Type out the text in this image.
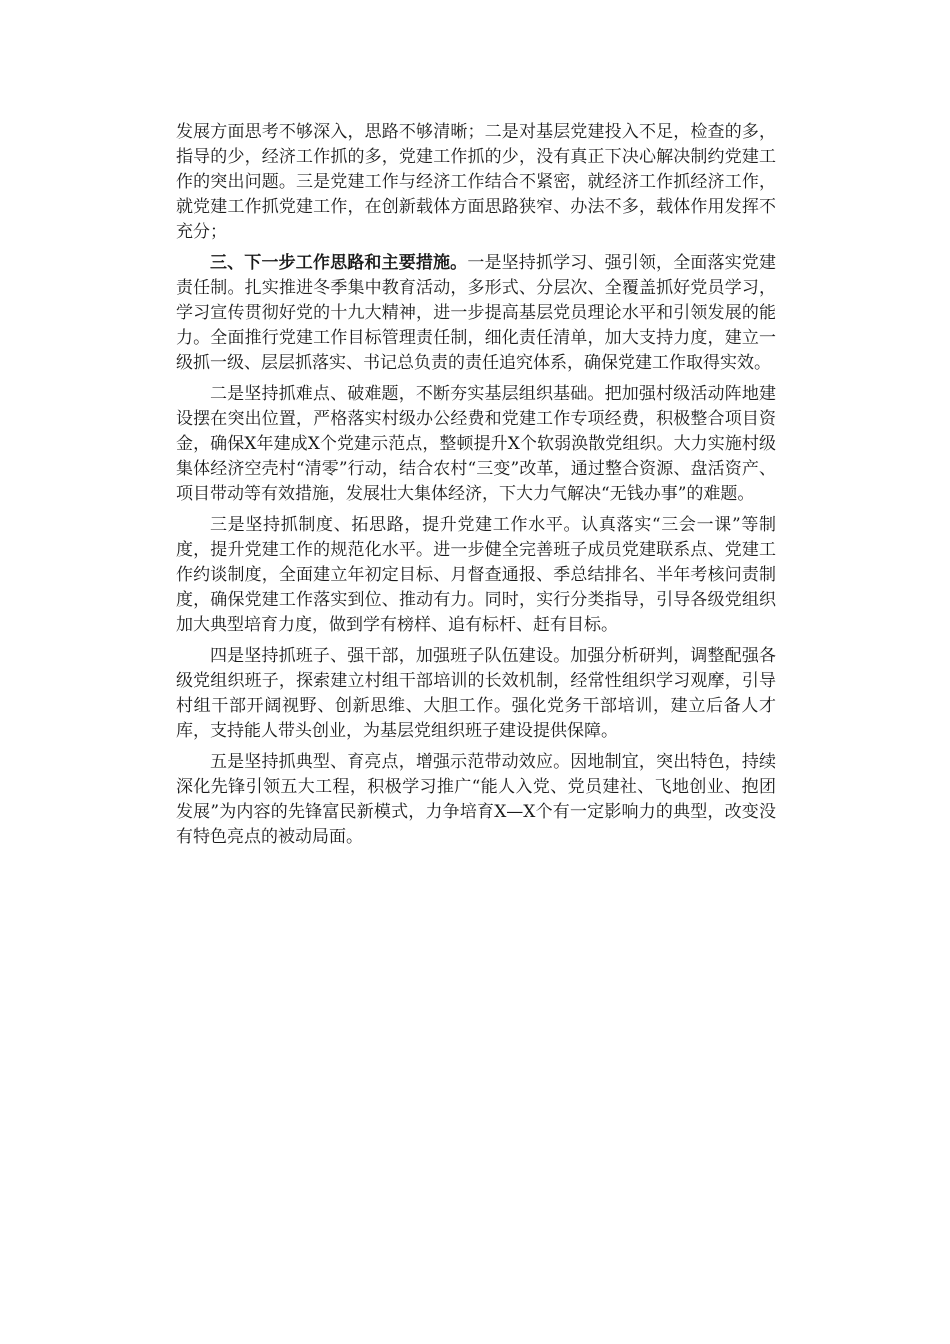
发展方面思考不够深入，思路不够清晰；二是对基层党建投入不足，检查的多，指导的少，经济工作抓的多，党建工作抓的少，没有真正下决心解决制约党建工作的突出问题。三是党建工作与经济工作结合不紧密，就经济工作抓经济工作，就党建工作抓党建工作，在创新载体方面思路狭窄、办法不多，载体作用发挥不充分；

三、下一步工作思路和主要措施。一是坚持抓学习、强引领，全面落实党建责任制。扎实推进冬季集中教育活动，多形式、分层次、全覆盖抓好党员学习，学习宣传贯彻好党的十九大精神，进一步提高基层党员理论水平和引领发展的能力。全面推行党建工作目标管理责任制，细化责任清单，加大支持力度，建立一级抓一级、层层抓落实、书记总负责的责任追究体系，确保党建工作取得实效。

二是坚持抓难点、破难题，不断夯实基层组织基础。把加强村级活动阵地建设摆在突出位置，严格落实村级办公经费和党建工作专项经费，积极整合项目资金，确保X年建成X个党建示范点，整顿提升X个软弱涣散党组织。大力实施村级集体经济空壳村“清零”行动，结合农村“三变”改革，通过整合资源、盘活资产、项目带动等有效措施，发展壮大集体经济，下大力气解决“无钱办事”的难题。

三是坚持抓制度、拓思路，提升党建工作水平。认真落实“三会一课”等制度，提升党建工作的规范化水平。进一步健全完善班子成员党建联系点、党建工作约谈制度，全面建立年初定目标、月督查通报、季总结排名、半年考核问责制度，确保党建工作落实到位、推动有力。同时，实行分类指导，引导各级党组织加大典型培育力度，做到学有榜样、追有标杆、赶有目标。

四是坚持抓班子、强干部，加强班子队伍建设。加强分析研判，调整配强各级党组织班子，探索建立村组干部培训的长效机制，经常性组织学习观摩，引导村组干部开阔视野、创新思维、大胆工作。强化党务干部培训，建立后备人才库，支持能人带头创业，为基层党组织班子建设提供保障。

五是坚持抓典型、育亮点，增强示范带动效应。因地制宜，突出特色，持续深化先锋引领五大工程，积极学习推广“能人入党、党员建社、飞地创业、抱团发展”为内容的先锋富民新模式，力争培育X—X个有一定影响力的典型，改变没有特色亮点的被动局面。
